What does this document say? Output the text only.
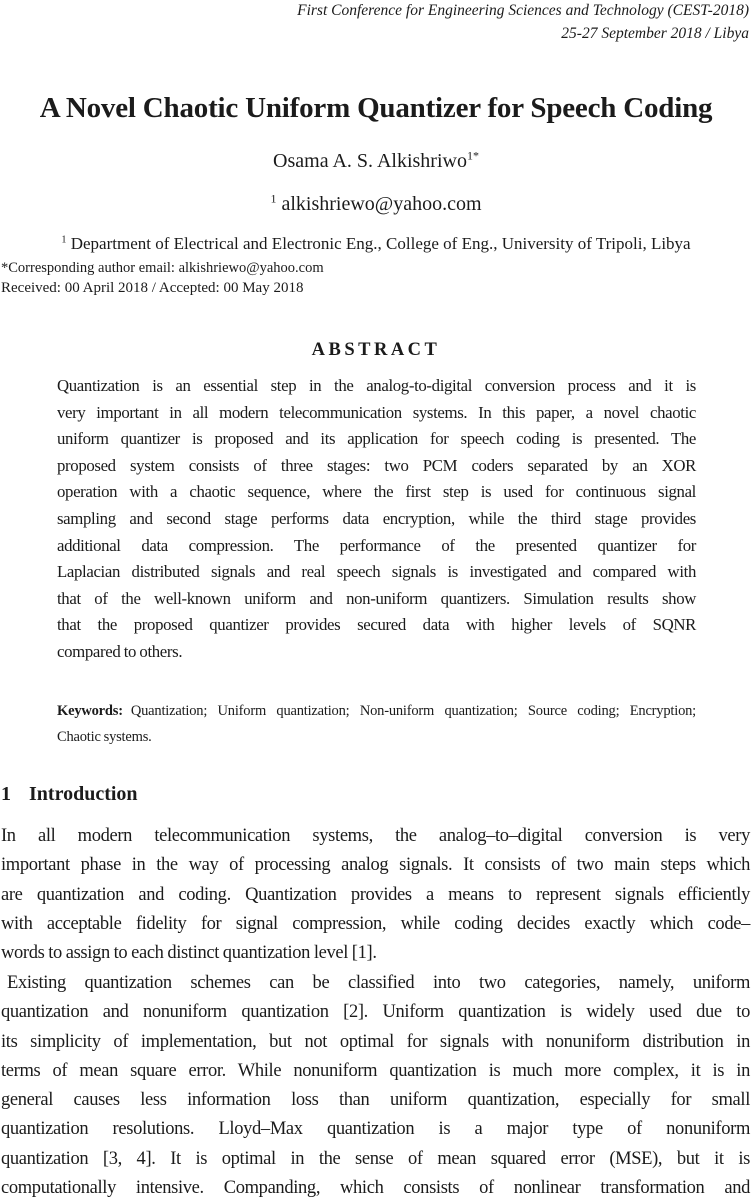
First Conference for Engineering Sciences and Technology (CEST-2018)
25-27 September 2018 / Libya
A Novel Chaotic Uniform Quantizer for Speech Coding
Osama A. S. Alkishriwo$^{1*}$
$^1$ alkishriewo@yahoo.com
$^1$ Department of Electrical and Electronic Eng., College of Eng., University of Tripoli, Libya
*Corresponding author email: alkishriewo@yahoo.com
Received: 00 April 2018 / Accepted: 00 May 2018
ABSTRACT
Quantization is an essential step in the analog-to-digital conversion process and it is
very important in all modern telecommunication systems. In this paper, a novel chaotic
uniform quantizer is proposed and its application for speech coding is presented. The
proposed system consists of three stages: two PCM coders separated by an XOR
operation with a chaotic sequence, where the first step is used for continuous signal
sampling and second stage performs data encryption, while the third stage provides
additional data compression. The performance of the presented quantizer for
Laplacian distributed signals and real speech signals is investigated and compared with
that of the well-known uniform and non-uniform quantizers. Simulation results show
that the proposed quantizer provides secured data with higher levels of SQNR
compared to others.
Keywords: Quantization; Uniform quantization; Non-uniform quantization; Source coding; Encryption;
Chaotic systems.
1 Introduction
In all modern telecommunication systems, the analog–to–digital conversion is very
important phase in the way of processing analog signals. It consists of two main steps which
are quantization and coding. Quantization provides a means to represent signals efficiently
with acceptable fidelity for signal compression, while coding decides exactly which code–
words to assign to each distinct quantization level [1].
Existing quantization schemes can be classified into two categories, namely, uniform
quantization and nonuniform quantization [2]. Uniform quantization is widely used due to
its simplicity of implementation, but not optimal for signals with nonuniform distribution in
terms of mean square error. While nonuniform quantization is much more complex, it is in
general causes less information loss than uniform quantization, especially for small
quantization resolutions. Lloyd–Max quantization is a major type of nonuniform
quantization [3, 4]. It is optimal in the sense of mean squared error (MSE), but it is
computationally intensive. Companding, which consists of nonlinear transformation and
